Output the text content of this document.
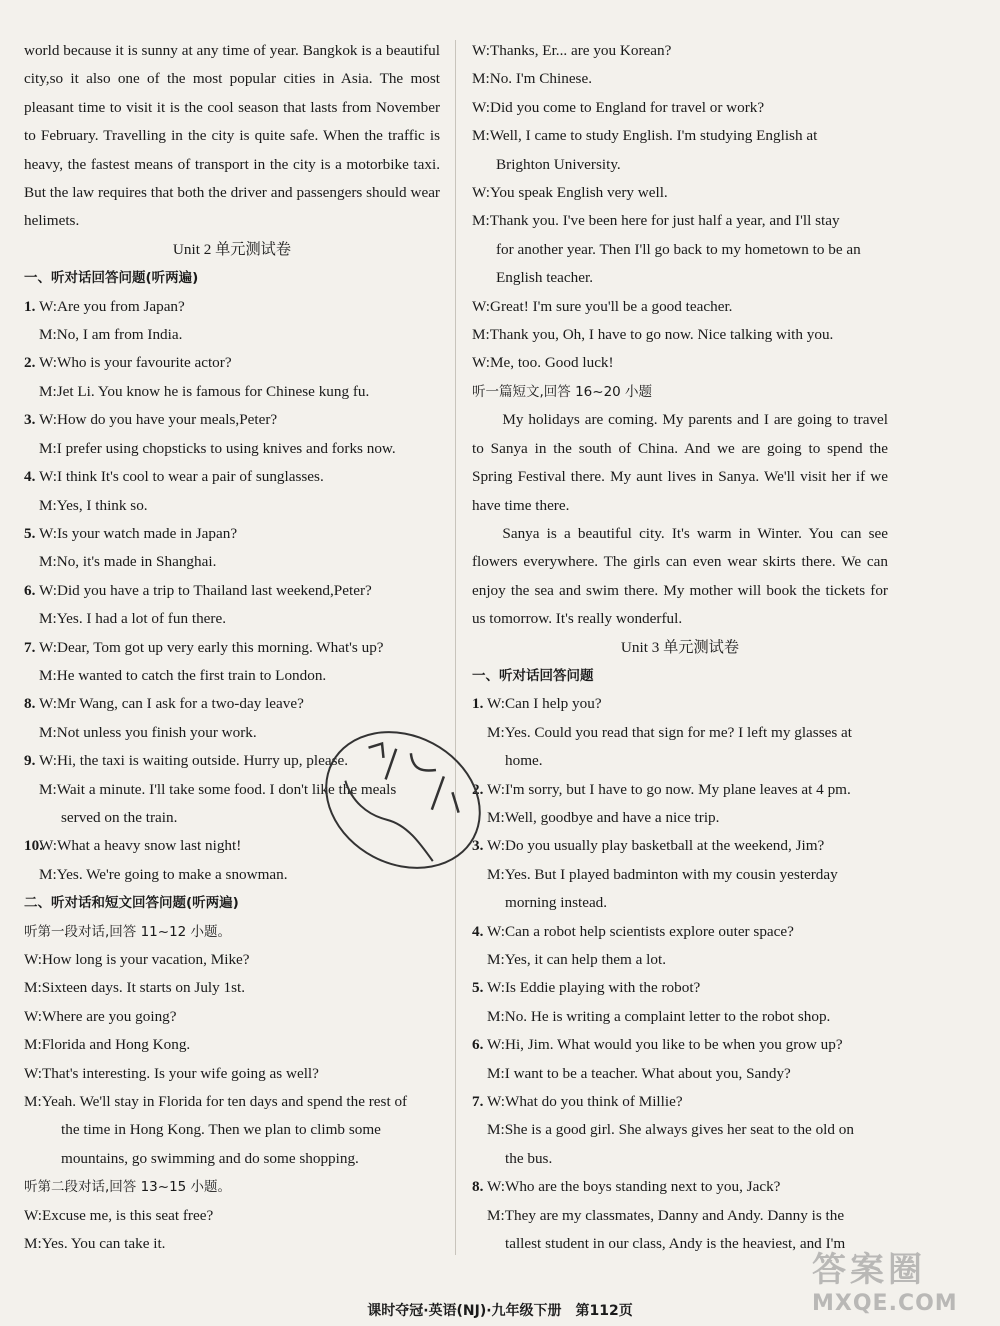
world because it is sunny at any time of year. Bangkok is a beautiful city,so it also one of the most popular cities in Asia. The most pleasant time to visit it is the cool season that lasts from November to February. Travelling in the city is quite safe. When the traffic is heavy, the fastest means of transport in the city is a motorbike taxi. But the law requires that both the driver and passengers should wear helimets.
Unit 2 单元测试卷
一、听对话回答问题(听两遍)
1. W:Are you from Japan?
M:No, I am from India.
2. W:Who is your favourite actor?
M:Jet Li. You know he is famous for Chinese kung fu.
3. W:How do you have your meals,Peter?
M:I prefer using chopsticks to using knives and forks now.
4. W:I think It's cool to wear a pair of sunglasses.
M:Yes, I think so.
5. W:Is your watch made in Japan?
M:No, it's made in Shanghai.
6. W:Did you have a trip to Thailand last weekend,Peter?
M:Yes. I had a lot of fun there.
7. W:Dear, Tom got up very early this morning. What's up?
M:He wanted to catch the first train to London.
8. W:Mr Wang, can I ask for a two-day leave?
M:Not unless you finish your work.
9. W:Hi, the taxi is waiting outside. Hurry up, please.
M:Wait a minute. I'll take some food. I don't like the meals
served on the train.
10.
W:What a heavy snow last night!
M:Yes. We're going to make a snowman.
二、听对话和短文回答问题(听两遍)
听第一段对话,回答 11~12 小题。
W:How long is your vacation, Mike?
M:Sixteen days. It starts on July 1st.
W:Where are you going?
M:Florida and Hong Kong.
W:That's interesting. Is your wife going as well?
M:Yeah. We'll stay in Florida for ten days and spend the rest of
the time in Hong Kong. Then we plan to climb some
mountains, go swimming and do some shopping.
听第二段对话,回答 13~15 小题。
W:Excuse me, is this seat free?
M:Yes. You can take it.
W:Thanks, Er... are you Korean?
M:No. I'm Chinese.
W:Did you come to England for travel or work?
M:Well, I came to study English. I'm studying English at
Brighton University.
W:You speak English very well.
M:Thank you. I've been here for just half a year, and I'll stay
for another year. Then I'll go back to my hometown to be an
English teacher.
W:Great! I'm sure you'll be a good teacher.
M:Thank you, Oh, I have to go now. Nice talking with you.
W:Me, too. Good luck!
听一篇短文,回答 16~20 小题
My holidays are coming. My parents and I are going to travel to Sanya in the south of China. And we are going to spend the Spring Festival there. My aunt lives in Sanya. We'll visit her if we have time there.
Sanya is a beautiful city. It's warm in Winter. You can see flowers everywhere. The girls can even wear skirts there. We can enjoy the sea and swim there. My mother will book the tickets for us tomorrow. It's really wonderful.
Unit 3 单元测试卷
一、听对话回答问题
1. W:Can I help you?
M:Yes. Could you read that sign for me? I left my glasses at
home.
2. W:I'm sorry, but I have to go now. My plane leaves at 4 pm.
M:Well, goodbye and have a nice trip.
3. W:Do you usually play basketball at the weekend, Jim?
M:Yes. But I played badminton with my cousin yesterday
morning instead.
4. W:Can a robot help scientists explore outer space?
M:Yes, it can help them a lot.
5. W:Is Eddie playing with the robot?
M:No. He is writing a complaint letter to the robot shop.
6. W:Hi, Jim. What would you like to be when you grow up?
M:I want to be a teacher. What about you, Sandy?
7. W:What do you think of Millie?
M:She is a good girl. She always gives her seat to the old on
the bus.
8. W:Who are the boys standing next to you, Jack?
M:They are my classmates, Danny and Andy. Danny is the
tallest student in our class, Andy is the heaviest, and I'm
答案圈
MXQE.COM
课时夺冠·英语(NJ)·九年级下册　第112页
